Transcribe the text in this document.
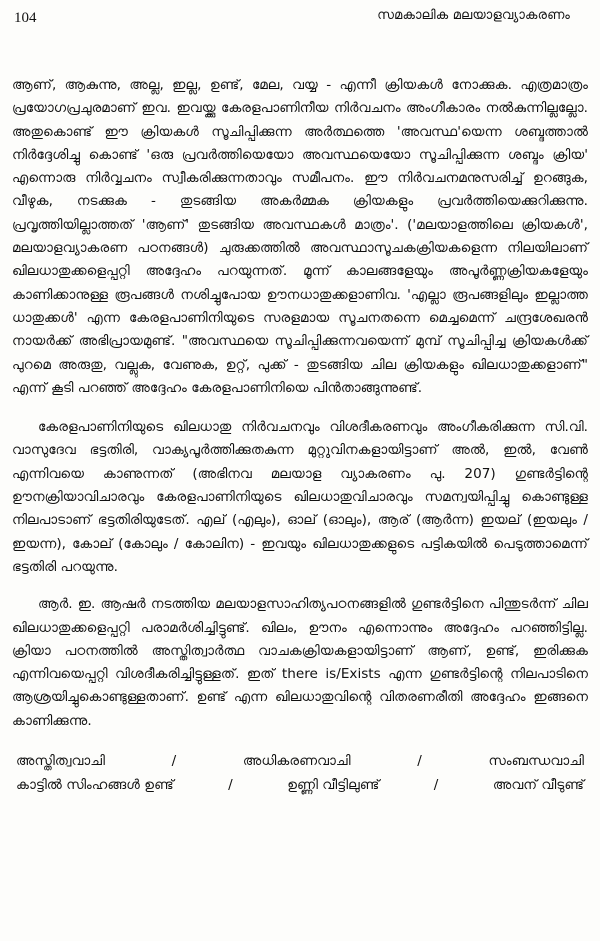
104	സമകാലിക മലയാളവ്യാകരണം

ആണ്, ആകുന്നു, അല്ല, ഇല്ല, ഉണ്ട്, മേല, വയ്യ - എന്നീ ക്രിയകൾ നോക്കുക. എത്രമാത്രം പ്രയോഗപ്രചുരമാണ് ഇവ. ഇവയ്ക്കു കേരളപാണിനീയ നിർവചനം അംഗീകാരം നൽകുന്നില്ലല്ലോ. അതുകൊണ്ട് ഈ ക്രിയകൾ സൂചിപ്പിക്കുന്ന അർത്ഥത്തെ 'അവസ്ഥ'യെന്ന ശബ്ദത്താൽ നിർദ്ദേശിച്ചു കൊണ്ട് 'ഒരു പ്രവർത്തിയെയോ അവസ്ഥയെയോ സൂചിപ്പിക്കുന്ന ശബ്ദം ക്രിയ' എന്നൊരു നിർവ്വചനം സ്വീകരിക്കുന്നതാവും സമീപനം. ഈ നിർവചനമനുസരിച്ച് ഉറങ്ങുക, വീഴുക, നടക്കുക - തുടങ്ങിയ അകർമ്മക ക്രിയകളും പ്രവർത്തിയെക്കുറിക്കുന്നു. പ്രവൃത്തിയില്ലാത്തത് 'ആണ്' തുടങ്ങിയ അവസ്ഥകൾ മാത്രം'. ('മലയാളത്തിലെ ക്രിയകൾ', മലയാളവ്യാകരണ പഠനങ്ങൾ) ചുരുക്കത്തിൽ അവസ്ഥാസൂചകക്രിയകളെന്ന നിലയിലാണ് ഖിലധാതുക്കളെപ്പറ്റി അദ്ദേഹം പറയുന്നത്. മൂന്ന് കാലങ്ങളേയും അപൂർണ്ണക്രിയകളേയും കാണിക്കാനുള്ള രൂപങ്ങൾ നശിച്ചുപോയ ഊനധാതുക്കളാണിവ. 'എല്ലാ രൂപങ്ങളിലും ഇല്ലാത്ത ധാതുക്കൾ' എന്ന കേരളപാണിനിയുടെ സരളമായ സൂചനതന്നെ മെച്ചമെന്ന് ചന്ദ്രശേഖരൻ നായർക്ക് അഭിപ്രായമുണ്ട്. "അവസ്ഥയെ സൂചിപ്പിക്കുന്നവയെന്ന് മുമ്പ് സൂചിപ്പിച്ച ക്രിയകൾക്ക് പുറമെ അരുതു, വല്ലുക, വേണുക, ഉറ്റ്, പുക്ക് - തുടങ്ങിയ ചില ക്രിയകളും ഖിലധാതുക്കളാണ്" എന്ന് കൂടി പറഞ്ഞ് അദ്ദേഹം കേരളപാണിനിയെ പിൻതാങ്ങുന്നുണ്ട്.

കേരളപാണിനിയുടെ ഖിലധാതു നിർവചനവും വിശദീകരണവും അംഗീകരിക്കുന്ന സി.വി. വാസുദേവ ഭട്ടതിരി, വാക്യപൂർത്തിക്കുതകുന്ന മുറ്റുവിനകളായിട്ടാണ് അൽ, ഇൽ, വേൺ എന്നിവയെ കാണുന്നത് (അഭിനവ മലയാള വ്യാകരണം പു. 207) ഗുണ്ടർട്ടിന്റെ ഊനക്രിയാവിചാരവും കേരളപാണിനിയുടെ ഖിലധാതുവിചാരവും സമന്വയിപ്പിച്ചു കൊണ്ടുള്ള നിലപാടാണ് ഭട്ടതിരിയുടേത്. എല് (എലും), ഓല് (ഓലും), ആര് (ആർന്ന) ഇയല് (ഇയലും / ഇയന്ന), കോല് (കോലും / കോലിന) - ഇവയും ഖിലധാതുക്കളുടെ പട്ടികയിൽ പെടുത്താമെന്ന് ഭട്ടതിരി പറയുന്നു.

ആർ. ഇ. ആഷർ നടത്തിയ മലയാളസാഹിത്യപഠനങ്ങളിൽ ഗുണ്ടർട്ടിനെ പിന്തുടർന്ന് ചില ഖിലധാതുക്കളെപ്പറ്റി പരാമർശിച്ചിട്ടുണ്ട്. ഖിലം, ഊനം എന്നൊന്നും അദ്ദേഹം പറഞ്ഞിട്ടില്ല. ക്രിയാ പഠനത്തിൽ അസ്തിത്വാർത്ഥ വാചകക്രിയകളായിട്ടാണ് ആണ്, ഉണ്ട്, ഇരിക്കുക എന്നിവയെപ്പറ്റി വിശദീകരിച്ചിട്ടുള്ളത്. ഇത് there is/Exists എന്ന ഗുണ്ടർട്ടിന്റെ നിലപാടിനെ ആശ്രയിച്ചുകൊണ്ടുള്ളതാണ്. ഉണ്ട് എന്ന ഖിലധാതുവിന്റെ വിതരണരീതി അദ്ദേഹം ഇങ്ങനെ കാണിക്കുന്നു.

അസ്തിത്വവാചി	/	അധികരണവാചി	/	സംബന്ധവാചി
കാട്ടിൽ സിംഹങ്ങൾ ഉണ്ട്	/	ഉണ്ണി വീട്ടിലുണ്ട്	/	അവന് വീടുണ്ട്
